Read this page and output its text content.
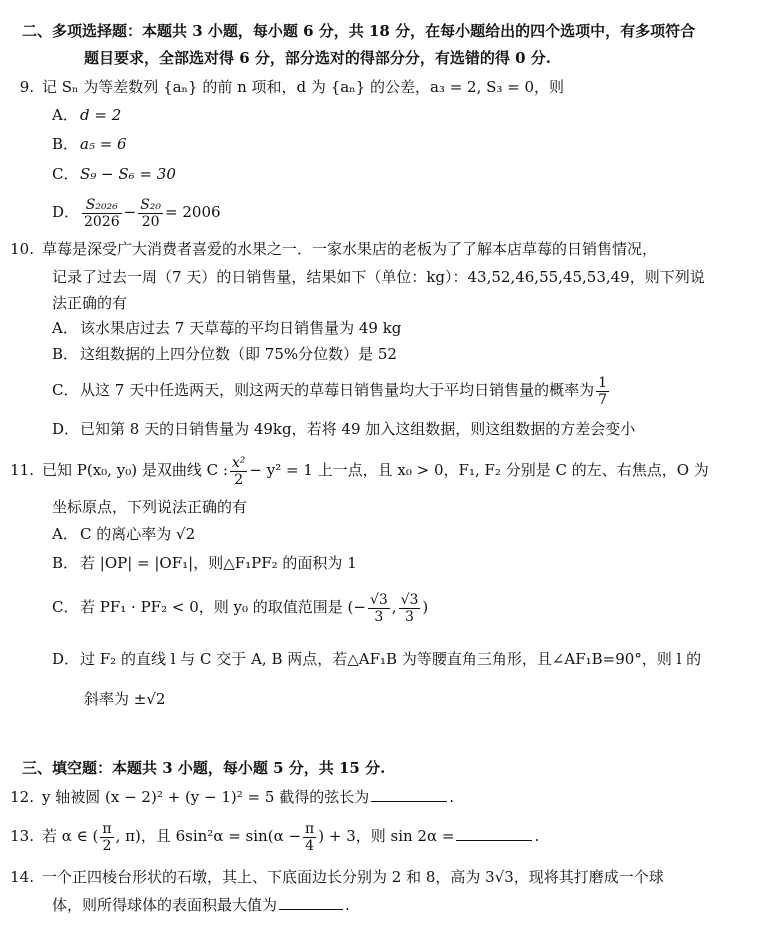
二、多项选择题：本题共 3 小题，每小题 6 分，共 18 分，在每小题给出的四个选项中，有多项符合
题目要求，全部选对得 6 分，部分选对的得部分分，有选错的得 0 分.
9. 记 Sₙ 为等差数列 {aₙ} 的前 n 项和，d 为 {aₙ} 的公差，a₃ = 2, S₃ = 0，则
A． d = 2
B． a₅ = 6
C． S₉ − S₆ = 30
D． $\frac{\text{S₂₀₂₆}}{2026} - \frac{\text{S₂₀}}{20} = 2006$
10. 草莓是深受广大消费者喜爱的水果之一．一家水果店的老板为了了解本店草莓的日销售情况，
记录了过去一周（7 天）的日销售量，结果如下（单位：kg）：43,52,46,55,45,53,49，则下列说
法正确的有
A． 该水果店过去 7 天草莓的平均日销售量为 49 kg
B． 这组数据的上四分位数（即 75%分位数）是 52
C． 从这 7 天中任选两天，则这两天的草莓日销售量均大于平均日销售量的概率为 $\frac{1}{7}$
D．已知第 8 天的日销售量为 49kg，若将 49 加入这组数据，则这组数据的方差会变小
11. 已知 P(x₀, y₀) 是双曲线 C : $\frac{\text{x²}}{2} - y^2 = 1$ 上一点，且 x₀ > 0，F₁, F₂ 分别是 C 的左、右焦点，O 为
坐标原点，下列说法正确的有
A． C 的离心率为 √2
B． 若 |OP| = |OF₁|，则△F₁PF₂ 的面积为 1
C． 若 PF₁ · PF₂ < 0，则 y₀ 的取值范围是 (− $\frac{√3}{3}$ , $\frac{√3}{3}$ )
D．过 F₂ 的直线 l 与 C 交于 A, B 两点，若△AF₁B 为等腰直角三角形，且∠AF₁B=90°，则 l 的
斜率为 ±√2
三、填空题：本题共 3 小题，每小题 5 分，共 15 分.
12. y 轴被圆 (x − 2)² + (y − 1)² = 5 截得的弦长为	.
13. 若 α ∈ ( $\frac{\pi}{2}$ , π)，且 $6\sin^2\alpha = \sin(\alpha - \frac{\pi}{4}$ ) + 3，则 sin 2α =	.
14. 一个正四棱台形状的石墩，其上、下底面边长分别为 2 和 8，高为 3√3，现将其打磨成一个球
体，则所得球体的表面积最大值为	.
